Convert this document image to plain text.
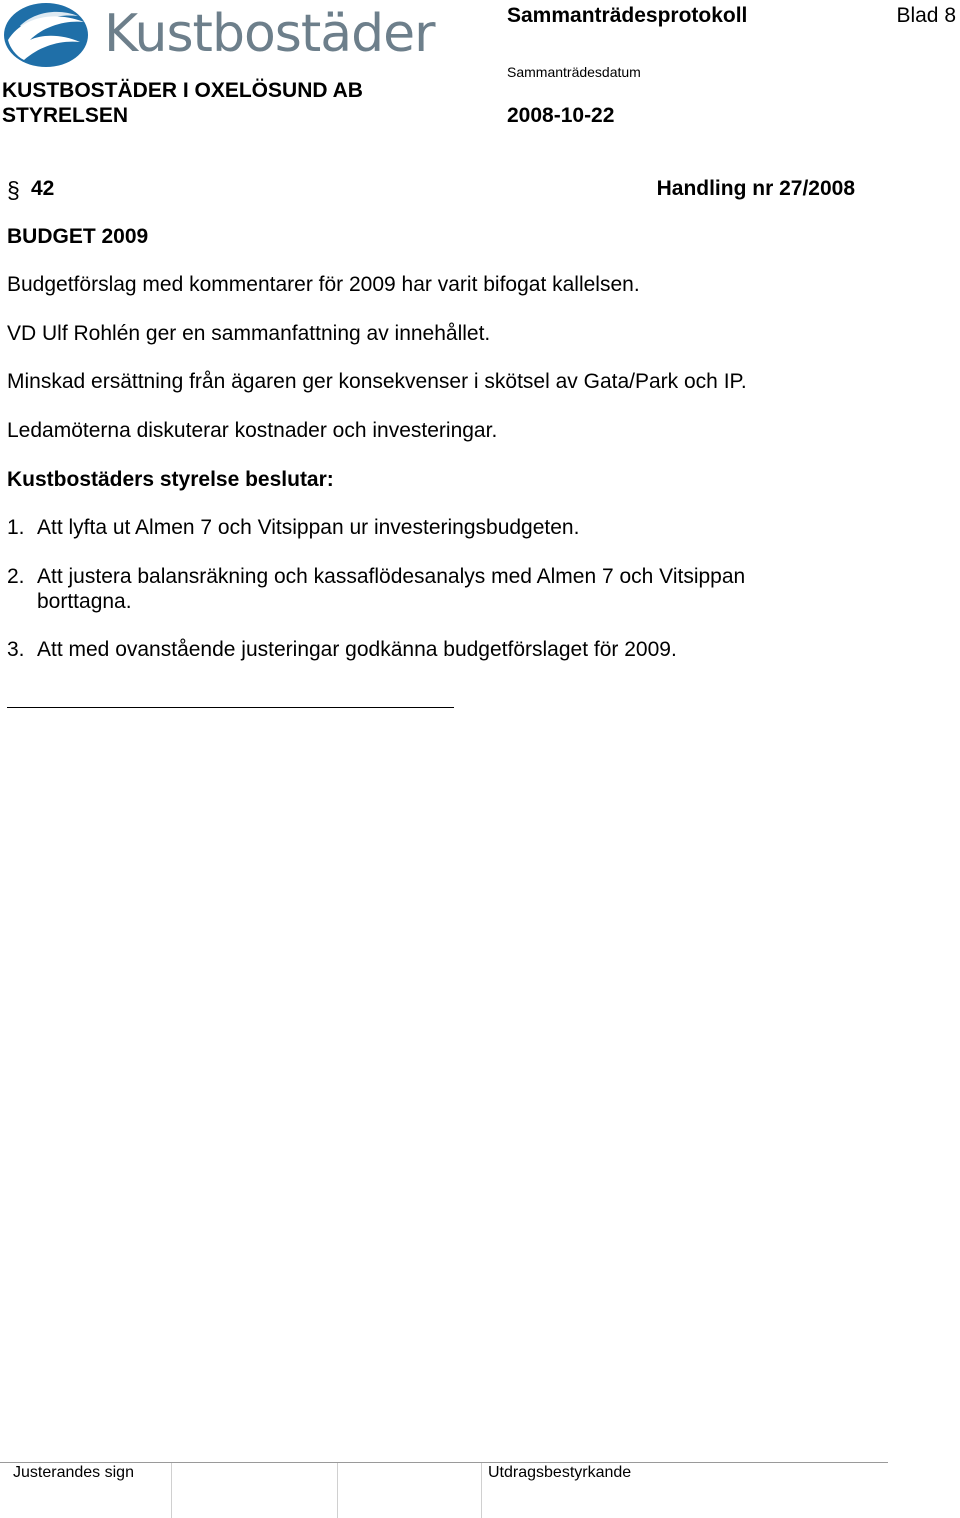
Kustbostäder	Sammanträdesprotokoll	Blad 8
KUSTBOSTÄDER I OXELÖSUND AB
STYRELSEN
Sammanträdesdatum
2008-10-22
§ 42	Handling nr 27/2008
BUDGET 2009
Budgetförslag med kommentarer för 2009 har varit bifogat kallelsen.
VD Ulf Rohlén ger en sammanfattning av innehållet.
Minskad ersättning från ägaren ger konsekvenser i skötsel av Gata/Park och IP.
Ledamöterna diskuterar kostnader och investeringar.
Kustbostäders styrelse beslutar:
1. Att lyfta ut Almen 7 och Vitsippan ur investeringsbudgeten.
2. Att justera balansräkning och kassaflödesanalys med Almen 7 och Vitsippan borttagna.
3. Att med ovanstående justeringar godkänna budgetförslaget för 2009.
Justerandes sign	Utdragsbestyrkande
